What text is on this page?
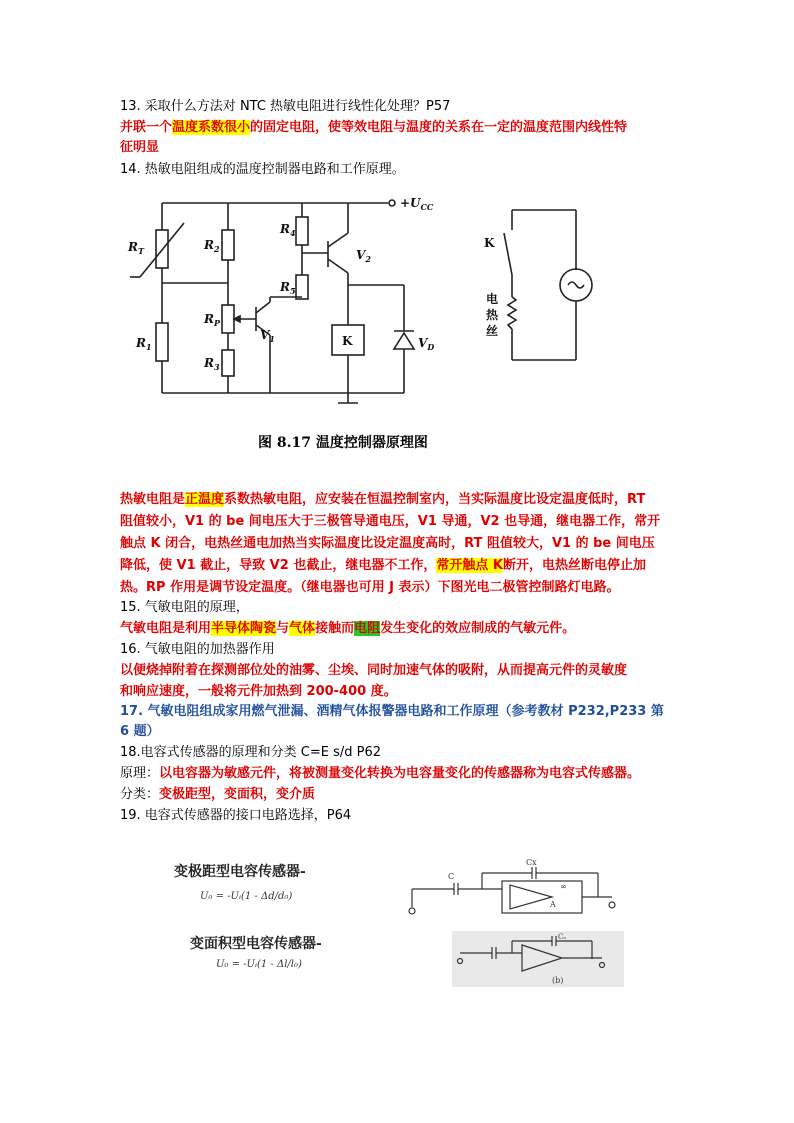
13. 采取什么方法对 NTC 热敏电阻进行线性化处理？P57
并联一个温度系数很小的固定电阻，使等效电阻与温度的关系在一定的温度范围内线性特
征明显
14. 热敏电阻组成的温度控制器电路和工作原理。
$+U_{CC}$
$R_T$	$R_2$
$R_4$
$V_2$
$R_5$
$R_P$
$V_1$
$R_1$
$R_3$
K	$V_D$
K
电
热
丝
图 8.17 温度控制器原理图
热敏电阻是正温度系数热敏电阻，应安装在恒温控制室内，当实际温度比设定温度低时，RT
阻值较小，V1 的 be 间电压大于三极管导通电压，V1 导通，V2 也导通，继电器工作，常开
触点 K 闭合，电热丝通电加热当实际温度比设定温度高时，RT 阻值较大，V1 的 be 间电压
降低，使 V1 截止，导致 V2 也截止，继电器不工作，常开触点 K断开，电热丝断电停止加
热。RP 作用是调节设定温度。（继电器也可用 J 表示）下图光电二极管控制路灯电路。
15. 气敏电阻的原理，
气敏电阻是利用半导体陶瓷与气体接触而电阻发生变化的效应制成的气敏元件。
16. 气敏电阻的加热器作用
以便烧掉附着在探测部位处的油雾、尘埃、同时加速气体的吸附，从而提高元件的灵敏度
和响应速度，一般将元件加热到 200-400 度。
17. 气敏电阻组成家用燃气泄漏、酒精气体报警器电路和工作原理（参考教材 P232,P233 第
6 题）
18.电容式传感器的原理和分类 C=E s/d P62
原理：以电容器为敏感元件，将被测量变化转换为电容量变化的传感器称为电容式传感器。
分类：变极距型，变面积，变介质
19. 电容式传感器的接口电路选择，P64
变极距型电容传感器-
U₀ = -Uᵢ(1 - Δd/d₀)
变面积型电容传感器-
U₀ = -Uᵢ(1 - Δl/l₀)
Cx
C
A
∞
Cₒ
(b)
